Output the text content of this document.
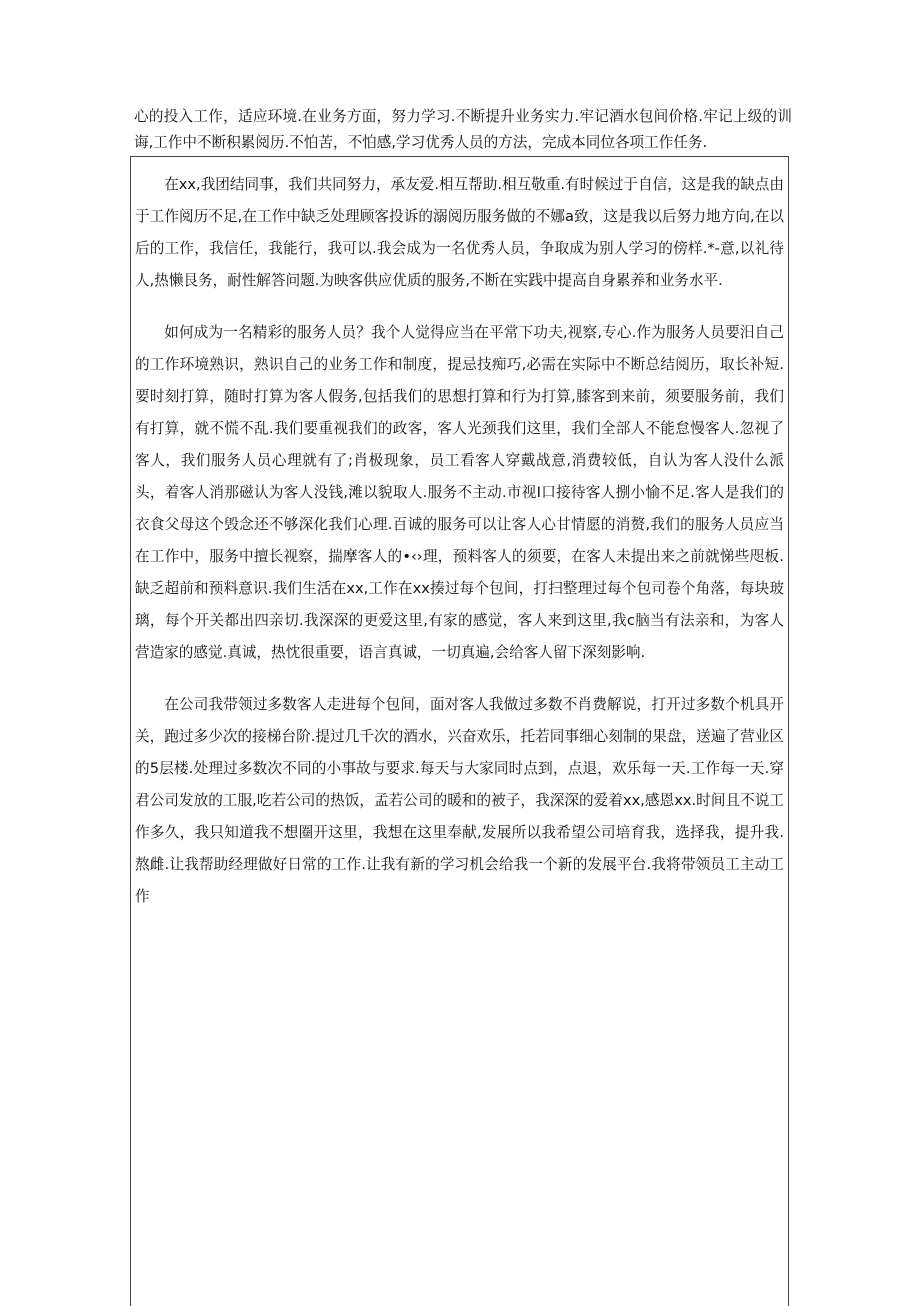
心的投入工作，适应环境.在业务方面，努力学习.不断提升业务实力.牢记酒水包间价格.牢记上级的训诲,工作中不断积累阅历.不怕苦，不怕感,学习优秀人员的方法，完成本同位各项工作任务.

在xx,我团结同事，我们共同努力，承友爱.相互帮助.相互敬重.有时候过于自信，这是我的缺点由于工作阅历不足,在工作中缺乏处理顾客投诉的溺阅历服务做的不娜a致，这是我以后努力地方向,在以后的工作，我信任，我能行，我可以.我会成为一名优秀人员，争取成为别人学习的傍样.*-意,以礼待人,热懒艮务，耐性解答问题.为映客供应优质的服务,不断在实践中提高自身累养和业务水平.

如何成为一名精彩的服务人员？我个人觉得应当在平常下功夫,视察,专心.作为服务人员要汨自己的工作环境熟识，熟识自己的业务工作和制度，提忌技痴巧,必需在实际中不断总结阅历，取长补短.要时刻打算，随时打算为客人假务,包括我们的思想打算和行为打算,膝客到来前，须要服务前，我们有打算，就不慌不乱.我们要重视我们的政客，客人光颈我们这里，我们全部人不能怠慢客人.忽视了客人，我们服务人员心理就有了;肖极现象，员工看客人穿戴战意,消费较低，自认为客人没什么派头，着客人消那磁认为客人没钱,滩以貌取人.服务不主动.市视I口接待客人捌小愉不足.客人是我们的衣食父母这个毁念还不够深化我们心理.百诚的服务可以让客人心甘情愿的消赘,我们的服务人员应当在工作中，服务中擅长视察，揣摩客人的•‹›理，预料客人的须要，在客人未提出来之前就悌些咫板.缺乏超前和预料意识.我们生活在xx,工作在xx揍过每个包间，打扫整理过每个包司卷个角落，每块玻璃，每个开关都出四亲切.我深深的更爱这里,有家的感觉，客人来到这里,我c脑当有法亲和，为客人营造家的感觉.真诚，热忱很重要，语言真诚，一切真遍,会给客人留下深刻影响.

在公司我带领过多数客人走进每个包间，面对客人我做过多数不肖费解说，打开过多数个机具开关，跑过多少次的接梯台阶.提过几千次的酒水，兴奋欢乐，托若同事细心刻制的果盘，送遍了营业区的5层楼.处理过多数次不同的小事故与要求.每天与大家同时点到，点退，欢乐每一天.工作每一天.穿君公司发放的工服,吃若公司的热饭，孟若公司的暖和的被子，我深深的爱着xx,感恩xx.时间且不说工作多久，我只知道我不想圈开这里，我想在这里奉献,发展所以我希望公司培育我，选择我，提升我.熬雌.让我帮助经理做好日常的工作.让我有新的学习机会给我一个新的发展平台.我将带领员工主动工作
